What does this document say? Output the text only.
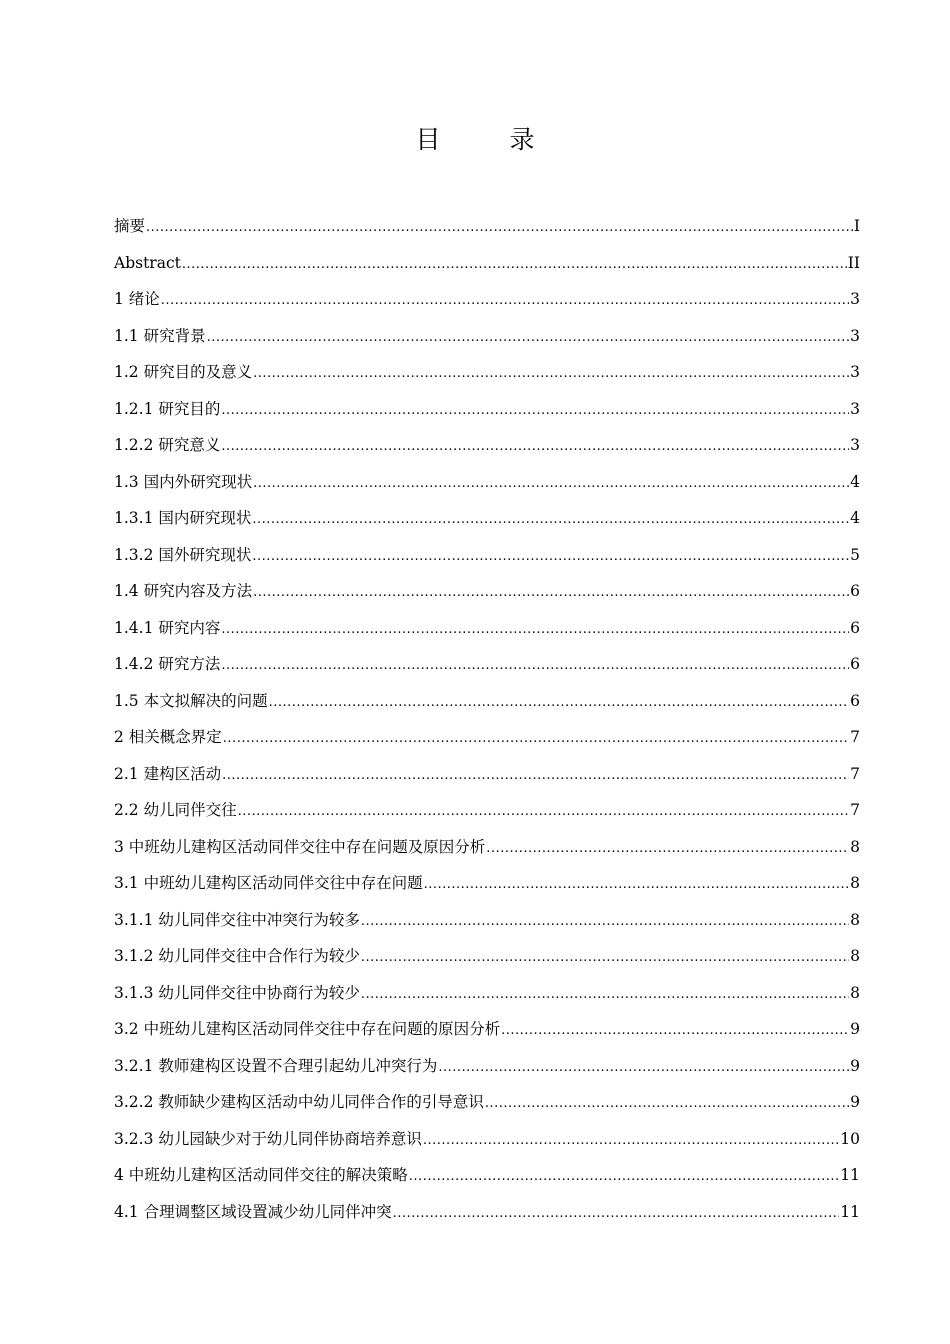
目　录
摘要 .....	I
Abstract .....	II
1 绪论 .....	3
1.1 研究背景 .....	3
1.2 研究目的及意义 .....	3
1.2.1 研究目的 .....	3
1.2.2 研究意义 .....	3
1.3 国内外研究现状 .....	4
1.3.1 国内研究现状 .....	4
1.3.2 国外研究现状 .....	5
1.4 研究内容及方法 .....	6
1.4.1 研究内容 .....	6
1.4.2 研究方法 .....	6
1.5 本文拟解决的问题 .....	6
2 相关概念界定 .....	7
2.1 建构区活动 .....	7
2.2 幼儿同伴交往 .....	7
3 中班幼儿建构区活动同伴交往中存在问题及原因分析 .....	8
3.1 中班幼儿建构区活动同伴交往中存在问题 .....	8
3.1.1 幼儿同伴交往中冲突行为较多 .....	8
3.1.2 幼儿同伴交往中合作行为较少 .....	8
3.1.3 幼儿同伴交往中协商行为较少 .....	8
3.2 中班幼儿建构区活动同伴交往中存在问题的原因分析 .....	9
3.2.1 教师建构区设置不合理引起幼儿冲突行为 .....	9
3.2.2 教师缺少建构区活动中幼儿同伴合作的引导意识 .....	9
3.2.3 幼儿园缺少对于幼儿同伴协商培养意识 .....	10
4 中班幼儿建构区活动同伴交往的解决策略 .....	11
4.1 合理调整区域设置减少幼儿同伴冲突 .....	11
